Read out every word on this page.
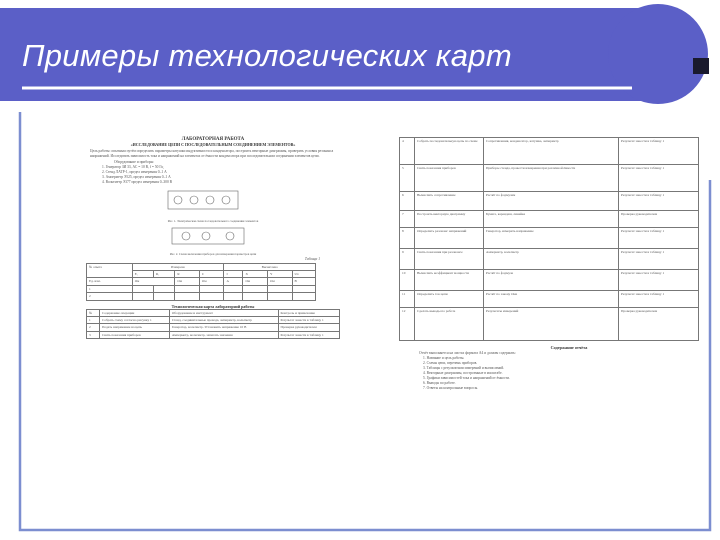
Примеры технологических карт
ЛАБОРАТОРНАЯ РАБОТА
«ИССЛЕДОВАНИЕ ЦЕПИ С ПОСЛЕДОВАТЕЛЬНЫМ СОЕДИНЕНИЕМ ЭЛЕМЕНТОВ»

Цель работы: опытным путём определить параметры катушки индуктивности и конденсатора, построить векторные диаграммы, проверить условия резонанса напряжений. Исследовать зависимость тока и напряжений на элементах от ёмкости конденсатора при последовательном соединении элементов цепи.

Оборудование и приборы:

1. Генератор ЗИ 33, АС = 10 В, f = 50 Гц
2. Стенд ЛАТР-1, предел измерения 0–1 А
3. Амперметр Э525, предел измерения 0–1 А
4. Вольтметр Э377 предел измерения 0–300 В
Рис. 1. Электрическая схема последовательного соединения элементов
Рис. 2. Схема включения приборов для измерения параметров цепи
Таблица 1
№ опыта	Измерено				Вычислено			
	E₁	R₁	R	C	I	X	Y	Ux
Ед. изм.	Ом		Ом	Ом	А	Ом	Ом	В
1								
2								
Технологическая карта лабораторной работы
№	Содержание операции	Оборудование и инструмент	Контроль и примечание
1	Собрать схему согласно рисунку 1	Стенд, соединительные провода, амперметр, вольтметр	Результат занести в таблицу 1
2	Подать напряжение на цепь	Генератор, вольтметр. Установить напряжение 10 В	Проверка руководителем
3	Снять показания приборов	Амперметр, вольтметр, записать значения	Результат занести в таблицу 1
4	Собрать последовательную цепь по схеме	Сопротивления, конденсатор, катушка, амперметр	Результат занести в таблицу 1
5	Снять показания приборов	Приборы стенда, провести измерения при различной ёмкости	Результат занести в таблицу 1
6	Вычислить сопротивление	Расчёт по формулам	Результат занести в таблицу 1
7	Построить векторную диаграмму	Бумага, карандаш, линейка	Проверка руководителем
8	Определить резонанс напряжений	Генератор, измерить напряжение	Результат занести в таблицу 1
9	Снять показания при резонансе	Амперметр, вольтметр	Результат занести в таблицу 1
10	Вычислить коэффициент мощности	Расчёт по формуле	Результат занести в таблицу 1
11	Определить ток цепи	Расчёт по закону Ома	Результат занести в таблицу 1
12	Сделать выводы по работе	Результаты измерений	Проверка руководителем
Содержание отчёта

Отчёт выполняется на листах формата А4 и должен содержать:

1. Название и цель работы.
2. Схемы цепи, перечень приборов.
3. Таблицы с результатами измерений и вычислений.
4. Векторные диаграммы, построенные в масштабе.
5. Графики зависимостей тока и напряжений от ёмкости.
6. Выводы по работе.
7. Ответы на контрольные вопросы.
